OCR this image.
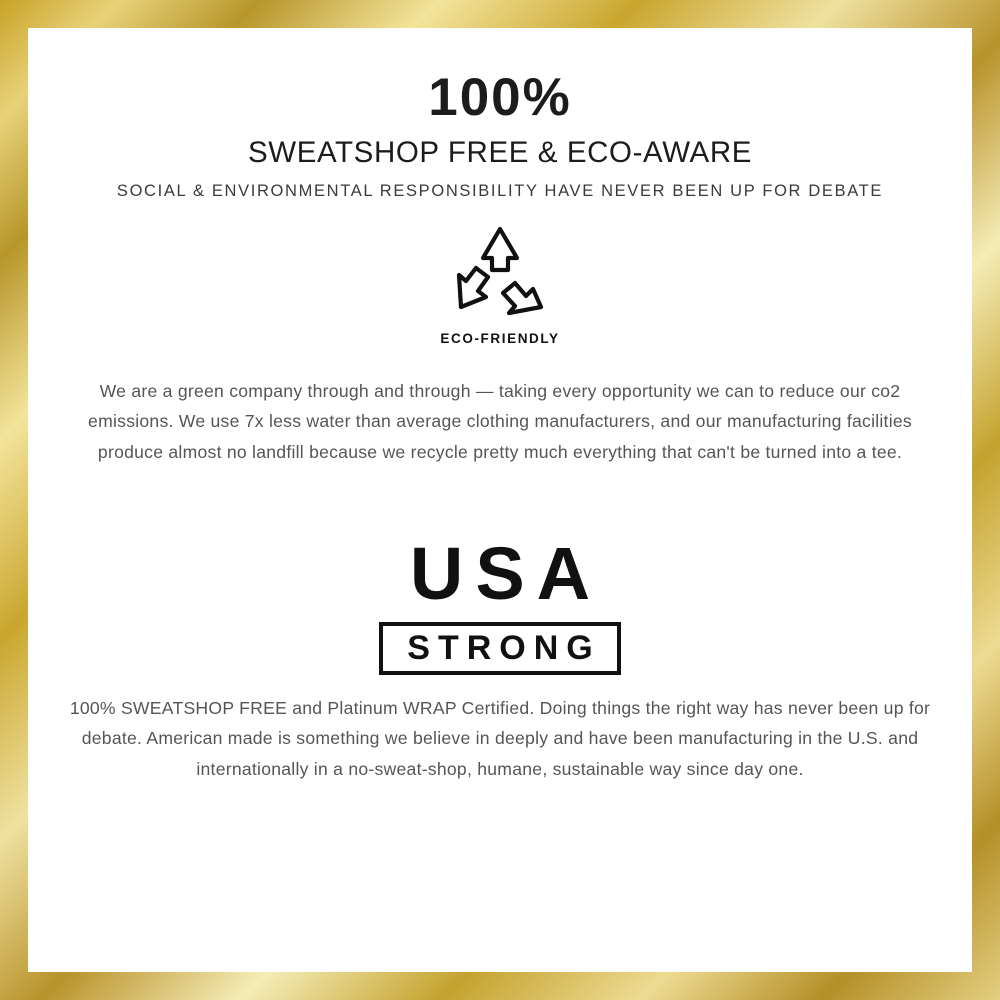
100%
SWEATSHOP FREE & ECO-AWARE
SOCIAL & ENVIRONMENTAL RESPONSIBILITY HAVE NEVER BEEN UP FOR DEBATE
ECO-FRIENDLY

We are a green company through and through — taking every opportunity we can to reduce our co2 emissions. We use 7x less water than average clothing manufacturers, and our manufacturing facilities produce almost no landfill because we recycle pretty much everything that can't be turned into a tee.

USA
STRONG

100% SWEATSHOP FREE and Platinum WRAP Certified. Doing things the right way has never been up for debate. American made is something we believe in deeply and have been manufacturing in the U.S. and internationally in a no-sweat-shop, humane, sustainable way since day one.
